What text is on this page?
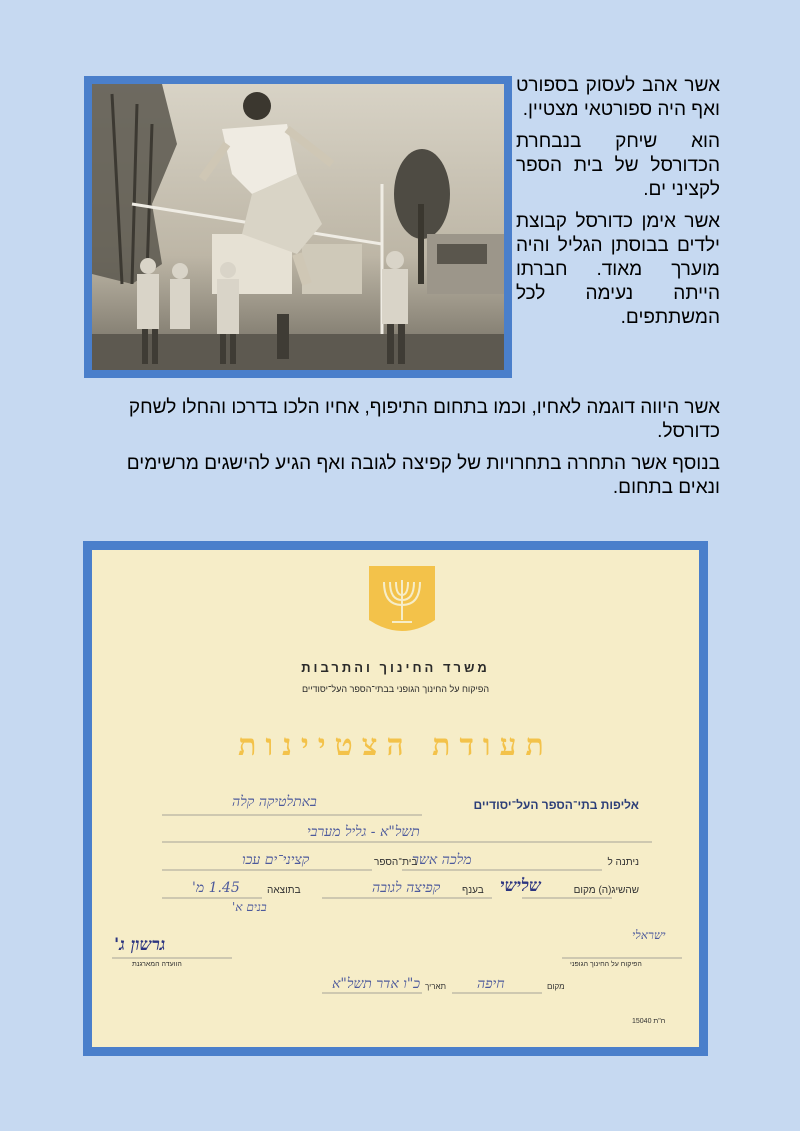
אשר אהב לעסוק בספורט ואף היה ספורטאי מצטיין.

הוא שיחק בנבחרת הכדורסל של בית הספר לקציני ים.

אשר אימן כדורסל קבוצת ילדים בבוסתן הגליל והיה מוערך מאוד. חברתו הייתה נעימה לכל המשתתפים.

אשר היווה דוגמה לאחיו, וכמו בתחום התיפוף, אחיו הלכו בדרכו והחלו לשחק כדורסל.

בנוסף אשר התחרה בתחרויות של קפיצה לגובה ואף הגיע להישגים מרשימים ונאים בתחום.

משרד החינוך והתרבות
הפיקוח על החינוך הגופני בבתי־הספר העל־יסודיים
תעודת הצטיינות
אליפות בתי־הספר העל־יסודיים
באתלטיקה קלה
תשל"א - גליל מערבי
ניתנה ל
מלכה אשר
בית־הספר
קציני־ים עכו
שהשיג(ה) מקום
שלישי
בענף
קפיצה לגובה
בתוצאה
1.45 מ'
בנים א'
גרשון ג'
הוועדה המארגנת
ישראלי
הפיקוח על החינוך הגופני
מקום
חיפה
תאריך
כ"ו אדר תשל"א
ח"ת 15040
